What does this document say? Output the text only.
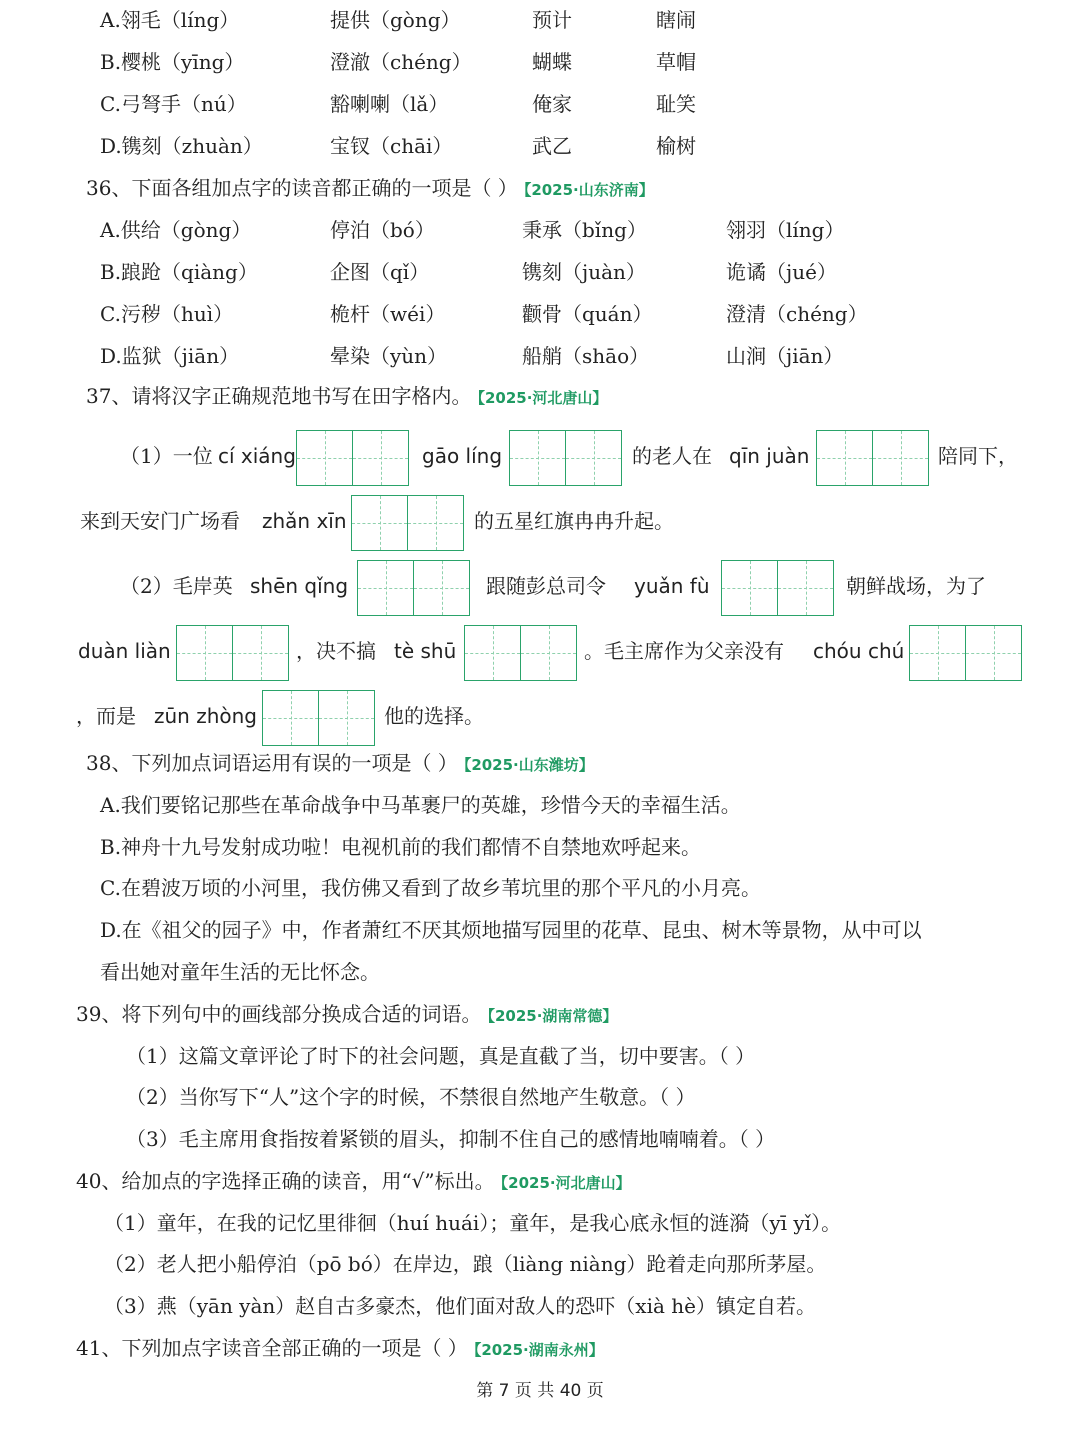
A.翎毛（líng）	提供（gòng）	预计	瞎闹
B.樱桃（yīng）	澄澈（chéng）	蝴蝶	草帽
C.弓弩手（nú）	豁喇喇（lǎ）	俺家	耻笑
D.镌刻（zhuàn）	宝钗（chāi）	武乙	榆树
36、下面各组加点字的读音都正确的一项是（ ） 【2025·山东济南】
A.供给（gòng）	停泊（bó）	秉承（bǐng）	翎羽（líng）
B.踉跄（qiàng）	企图（qǐ）	镌刻（juàn）	诡谲（jué）
C.污秽（huì）	桅杆（wéi）	颧骨（quán）	澄清（chéng）
D.监狱（jiān）	晕染（yùn）	船艄（shāo）	山涧（jiān）
37、请将汉字正确规范地书写在田字格内。 【2025·河北唐山】
（1）一位 cí xiáng	gāo líng	的老人在 qīn juàn	陪同下，
来到天安门广场看 zhǎn xīn	的五星红旗冉冉升起。
（2）毛岸英 shēn qǐng	跟随彭总司令 yuǎn fù	朝鲜战场，为了
duàn liàn	，决不搞 tè shū	。毛主席作为父亲没有 chóu chú
，而是 zūn zhòng	他的选择。
38、下列加点词语运用有误的一项是（ ） 【2025·山东潍坊】
A.我们要铭记那些在革命战争中马革裹尸的英雄，珍惜今天的幸福生活。
B.神舟十九号发射成功啦！电视机前的我们都情不自禁地欢呼起来。
C.在碧波万顷的小河里，我仿佛又看到了故乡苇坑里的那个平凡的小月亮。
D.在《祖父的园子》中，作者萧红不厌其烦地描写园里的花草、昆虫、树木等景物，从中可以
看出她对童年生活的无比怀念。
39、将下列句中的画线部分换成合适的词语。 【2025·湖南常德】
（1）这篇文章评论了时下的社会问题，真是直截了当，切中要害。（ ）
（2）当你写下“人”这个字的时候，不禁很自然地产生敬意。（ ）
（3）毛主席用食指按着紧锁的眉头，抑制不住自己的感情地喃喃着。（ ）
40、给加点的字选择正确的读音，用“√”标出。 【2025·河北唐山】
（1）童年，在我的记忆里徘徊（huí huái）；童年，是我心底永恒的涟漪（yī yǐ）。
（2）老人把小船停泊（pō bó）在岸边，踉（liàng niàng）跄着走向那所茅屋。
（3）燕（yān yàn）赵自古多豪杰，他们面对敌人的恐吓（xià hè）镇定自若。
41、下列加点字读音全部正确的一项是（ ） 【2025·湖南永州】
第 7 页 共 40 页
